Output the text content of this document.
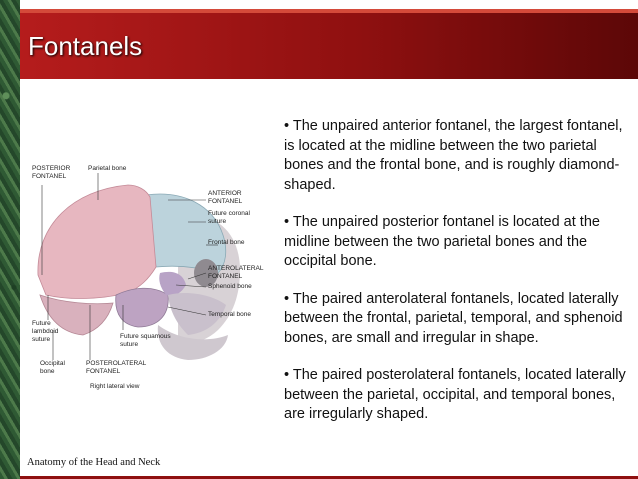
Fontanels
POSTERIOR
FONTANEL
Parietal bone
ANTERIOR
FONTANEL
Future coronal
suture
Frontal bone
ANTEROLATERAL
FONTANEL
Sphenoid bone
Temporal bone
Future
lambdoid
suture	Future squamous
suture
Occipital
bone
POSTEROLATERAL
FONTANEL
Right lateral view

• The unpaired anterior fontanel, the largest fontanel, is located at the midline between the two parietal bones and the frontal bone, and is roughly diamond-shaped.

• The unpaired posterior fontanel is located at the midline between the two parietal bones and the occipital bone.

• The paired anterolateral fontanels, located laterally between the frontal, parietal, temporal, and sphenoid bones, are small and irregular in shape.

• The paired posterolateral fontanels, located laterally between the parietal, occipital, and temporal bones, are irregularly shaped.

Anatomy of the Head and Neck
